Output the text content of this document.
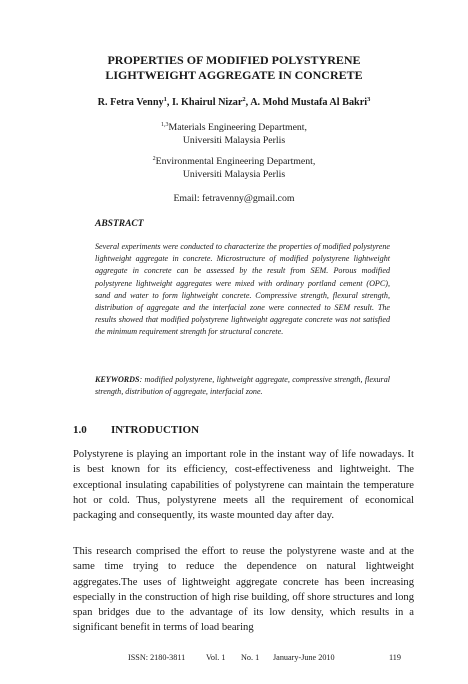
PROPERTIES OF MODIFIED POLYSTYRENE
LIGHTWEIGHT AGGREGATE IN CONCRETE
R. Fetra Venny$^1$, I. Khairul Nizar$^2$, A. Mohd Mustafa Al Bakri$^3$
$^{1,3}$Materials Engineering Department,
Universiti Malaysia Perlis
$^2$Environmental Engineering Department,
Universiti Malaysia Perlis
Email: fetravenny@gmail.com
ABSTRACT
Several experiments were conducted to characterize the properties of modified polystyrene lightweight aggregate in concrete. Microstructure of modified polystyrene lightweight aggregate in concrete can be assessed by the result from SEM. Porous modified polystyrene lightweight aggregates were mixed with ordinary portland cement (OPC), sand and water to form lightweight concrete. Compressive strength, flexural strength, distribution of aggregate and the interfacial zone were connected to SEM result. The results showed that modified polystyrene lightweight aggregate concrete was not satisfied the minimum requirement strength for structural concrete.
KEYWORDS: modified polystyrene, lightweight aggregate, compressive strength, flexural strength, distribution of aggregate, interfacial zone.
1.0 INTRODUCTION
Polystyrene is playing an important role in the instant way of life nowadays. It is best known for its efficiency, cost-effectiveness and lightweight. The exceptional insulating capabilities of polystyrene can maintain the temperature hot or cold. Thus, polystyrene meets all the requirement of economical packaging and consequently, its waste mounted day after day.
This research comprised the effort to reuse the polystyrene waste and at the same time trying to reduce the dependence on natural lightweight aggregates.The uses of lightweight aggregate concrete has been increasing especially in the construction of high rise building, off shore structures and long span bridges due to the advantage of its low density, which results in a significant benefit in terms of load bearing
ISSN: 2180-3811	Vol. 1 No. 1 January-June 2010	119
